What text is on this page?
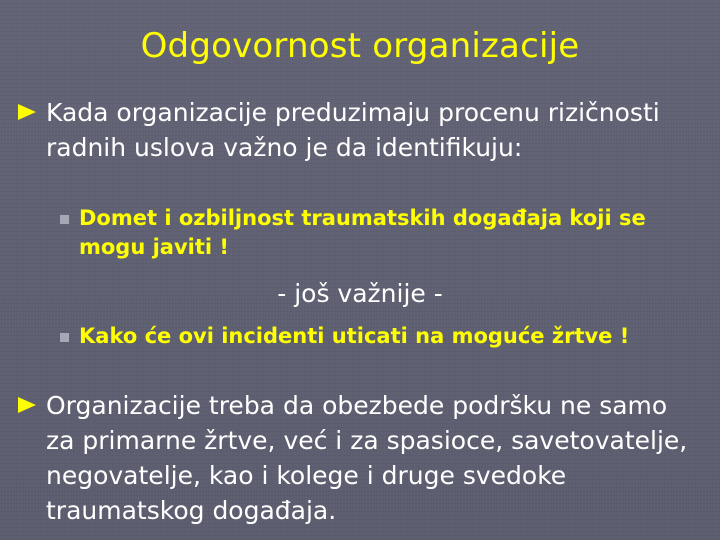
Odgovornost organizacije
Kada organizacije preduzimaju procenu rizičnosti radnih uslova važno je da identifikuju:
Domet i ozbiljnost traumatskih događaja koji se mogu javiti !
- još važnije -
Kako će ovi incidenti uticati na moguće žrtve !
Organizacije treba da obezbede podršku ne samo za primarne žrtve, već i za spasioce, savetovatelje, negovatelje, kao i kolege i druge svedoke traumatskog događaja.
